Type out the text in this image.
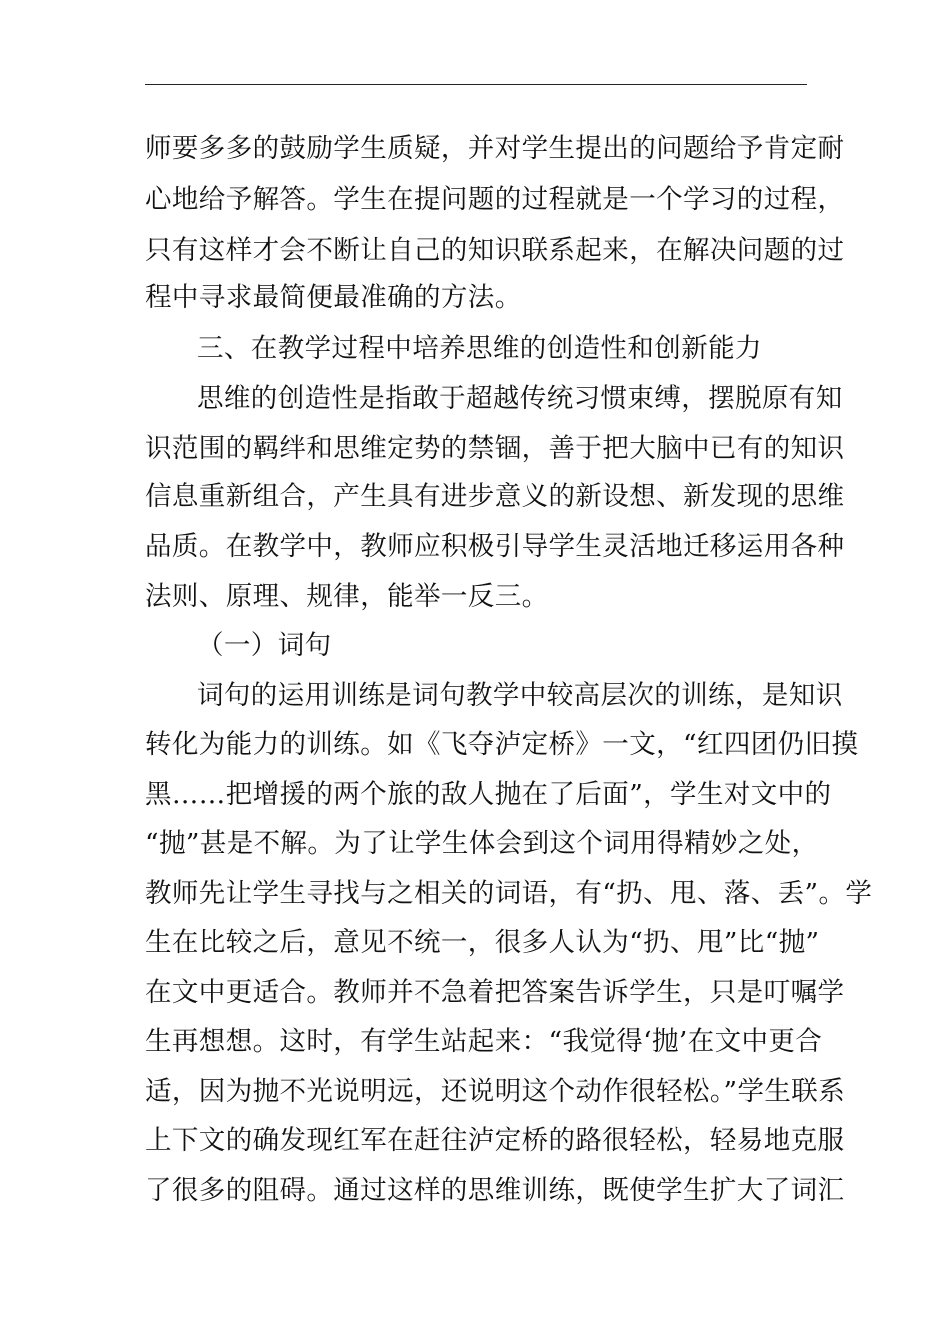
师要多多的鼓励学生质疑，并对学生提出的问题给予肯定耐
心地给予解答。学生在提问题的过程就是一个学习的过程，
只有这样才会不断让自己的知识联系起来，在解决问题的过
程中寻求最简便最准确的方法。
三、在教学过程中培养思维的创造性和创新能力
思维的创造性是指敢于超越传统习惯束缚，摆脱原有知
识范围的羁绊和思维定势的禁锢，善于把大脑中已有的知识
信息重新组合，产生具有进步意义的新设想、新发现的思维
品质。在教学中，教师应积极引导学生灵活地迁移运用各种
法则、原理、规律，能举一反三。
（一）词句
词句的运用训练是词句教学中较高层次的训练，是知识
转化为能力的训练。如《飞夺泸定桥》一文，“红四团仍旧摸
黑……把增援的两个旅的敌人抛在了后面”，学生对文中的
“抛”甚是不解。为了让学生体会到这个词用得精妙之处，
教师先让学生寻找与之相关的词语，有“扔、甩、落、丢”。学
生在比较之后，意见不统一，很多人认为“扔、甩”比“抛”
在文中更适合。教师并不急着把答案告诉学生，只是叮嘱学
生再想想。这时，有学生站起来：“我觉得‘抛’在文中更合
适，因为抛不光说明远，还说明这个动作很轻松。”学生联系
上下文的确发现红军在赶往泸定桥的路很轻松，轻易地克服
了很多的阻碍。通过这样的思维训练，既使学生扩大了词汇
